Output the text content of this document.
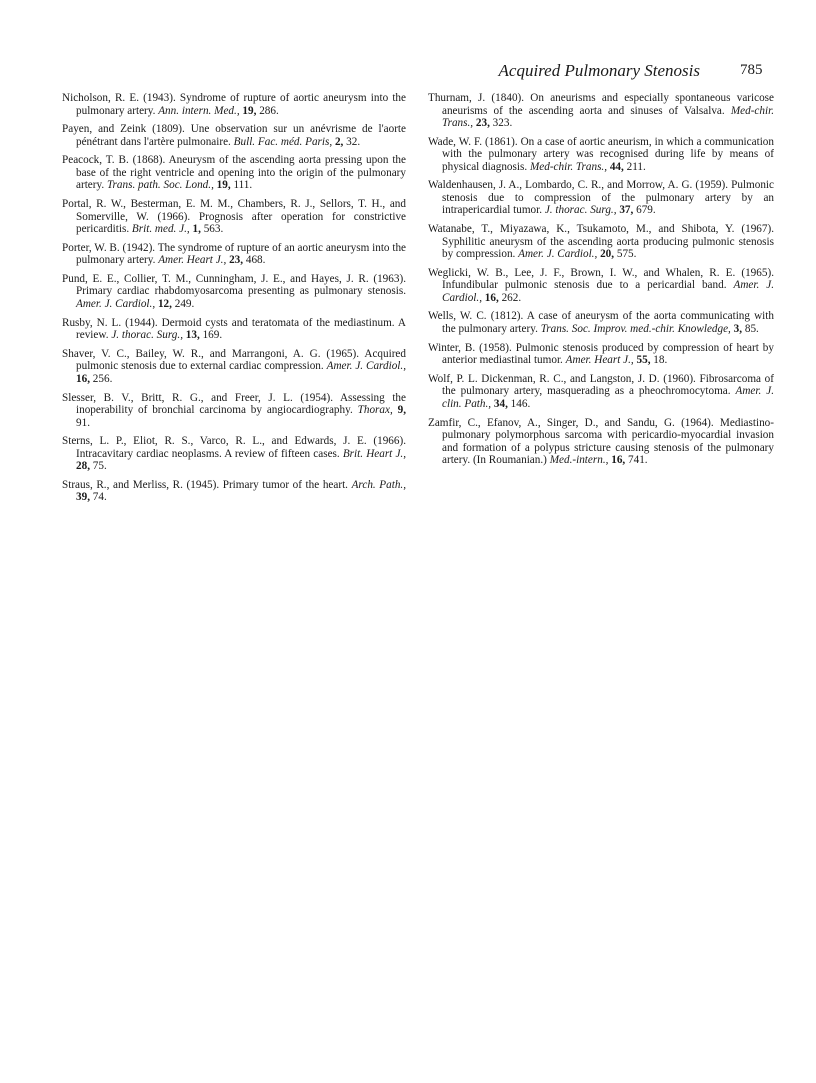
Acquired Pulmonary Stenosis	785

Nicholson, R. E. (1943). Syndrome of rupture of aortic aneurysm into the pulmonary artery. Ann. intern. Med., 19, 286.

Payen, and Zeink (1809). Une observation sur un anévrisme de l'aorte pénétrant dans l'artère pulmonaire. Bull. Fac. méd. Paris, 2, 32.

Peacock, T. B. (1868). Aneurysm of the ascending aorta pressing upon the base of the right ventricle and opening into the origin of the pulmonary artery. Trans. path. Soc. Lond., 19, 111.

Portal, R. W., Besterman, E. M. M., Chambers, R. J., Sellors, T. H., and Somerville, W. (1966). Prognosis after operation for constrictive pericarditis. Brit. med. J., 1, 563.

Porter, W. B. (1942). The syndrome of rupture of an aortic aneurysm into the pulmonary artery. Amer. Heart J., 23, 468.

Pund, E. E., Collier, T. M., Cunningham, J. E., and Hayes, J. R. (1963). Primary cardiac rhabdomyosarcoma presenting as pulmonary stenosis. Amer. J. Cardiol., 12, 249.

Rusby, N. L. (1944). Dermoid cysts and teratomata of the mediastinum. A review. J. thorac. Surg., 13, 169.

Shaver, V. C., Bailey, W. R., and Marrangoni, A. G. (1965). Acquired pulmonic stenosis due to external cardiac compression. Amer. J. Cardiol., 16, 256.

Slesser, B. V., Britt, R. G., and Freer, J. L. (1954). Assessing the inoperability of bronchial carcinoma by angiocardiography. Thorax, 9, 91.

Sterns, L. P., Eliot, R. S., Varco, R. L., and Edwards, J. E. (1966). Intracavitary cardiac neoplasms. A review of fifteen cases. Brit. Heart J., 28, 75.

Straus, R., and Merliss, R. (1945). Primary tumor of the heart. Arch. Path., 39, 74.

Thurnam, J. (1840). On aneurisms and especially spontaneous varicose aneurisms of the ascending aorta and sinuses of Valsalva. Med-chir. Trans., 23, 323.

Wade, W. F. (1861). On a case of aortic aneurism, in which a communication with the pulmonary artery was recognised during life by means of physical diagnosis. Med-chir. Trans., 44, 211.

Waldenhausen, J. A., Lombardo, C. R., and Morrow, A. G. (1959). Pulmonic stenosis due to compression of the pulmonary artery by an intrapericardial tumor. J. thorac. Surg., 37, 679.

Watanabe, T., Miyazawa, K., Tsukamoto, M., and Shibota, Y. (1967). Syphilitic aneurysm of the ascending aorta producing pulmonic stenosis by compression. Amer. J. Cardiol., 20, 575.

Weglicki, W. B., Lee, J. F., Brown, I. W., and Whalen, R. E. (1965). Infundibular pulmonic stenosis due to a pericardial band. Amer. J. Cardiol., 16, 262.

Wells, W. C. (1812). A case of aneurysm of the aorta communicating with the pulmonary artery. Trans. Soc. Improv. med.-chir. Knowledge, 3, 85.

Winter, B. (1958). Pulmonic stenosis produced by compression of heart by anterior mediastinal tumor. Amer. Heart J., 55, 18.

Wolf, P. L. Dickenman, R. C., and Langston, J. D. (1960). Fibrosarcoma of the pulmonary artery, masquerading as a pheochromocytoma. Amer. J. clin. Path., 34, 146.

Zamfir, C., Efanov, A., Singer, D., and Sandu, G. (1964). Mediastino-pulmonary polymorphous sarcoma with pericardio-myocardial invasion and formation of a polypus stricture causing stenosis of the pulmonary artery. (In Roumanian.) Med.-intern., 16, 741.
